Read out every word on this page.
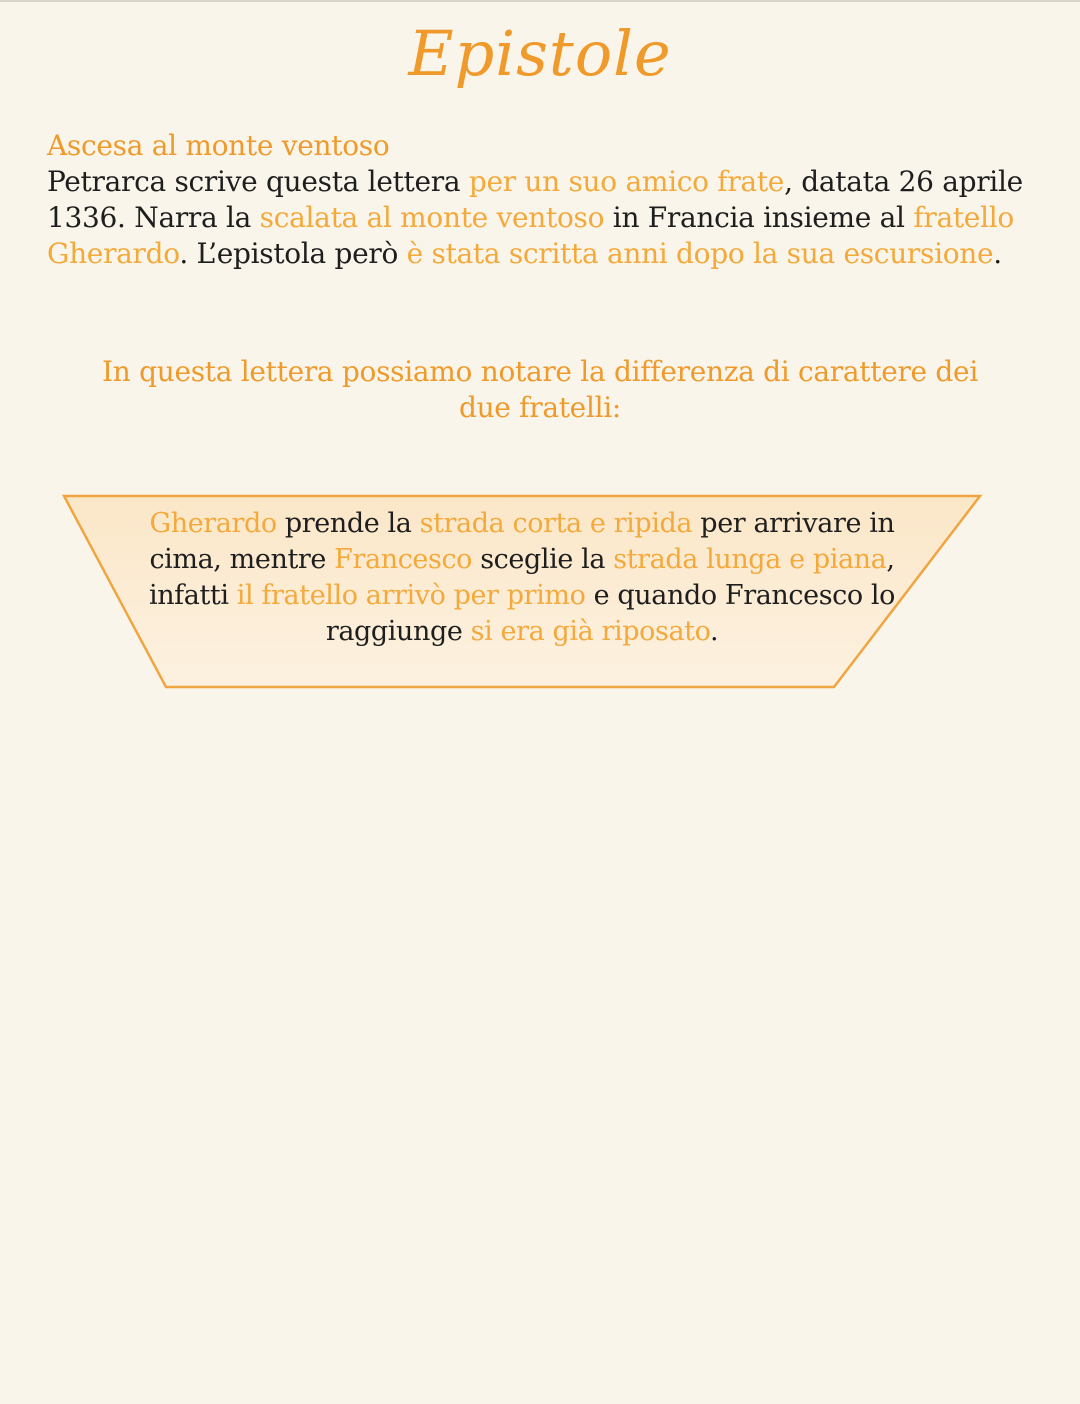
Epistole
Ascesa al monte ventoso

Petrarca scrive questa lettera per un suo amico frate, datata 26 aprile 1336. Narra la scalata al monte ventoso in Francia insieme al fratello Gherardo. L’epistola però è stata scritta anni dopo la sua escursione.

In questa lettera possiamo notare la differenza di carattere dei due fratelli:

Gherardo prende la strada corta e ripida per arrivare in cima, mentre Francesco sceglie la strada lunga e piana, infatti il fratello arrivò per primo e quando Francesco lo raggiunge si era già riposato.
